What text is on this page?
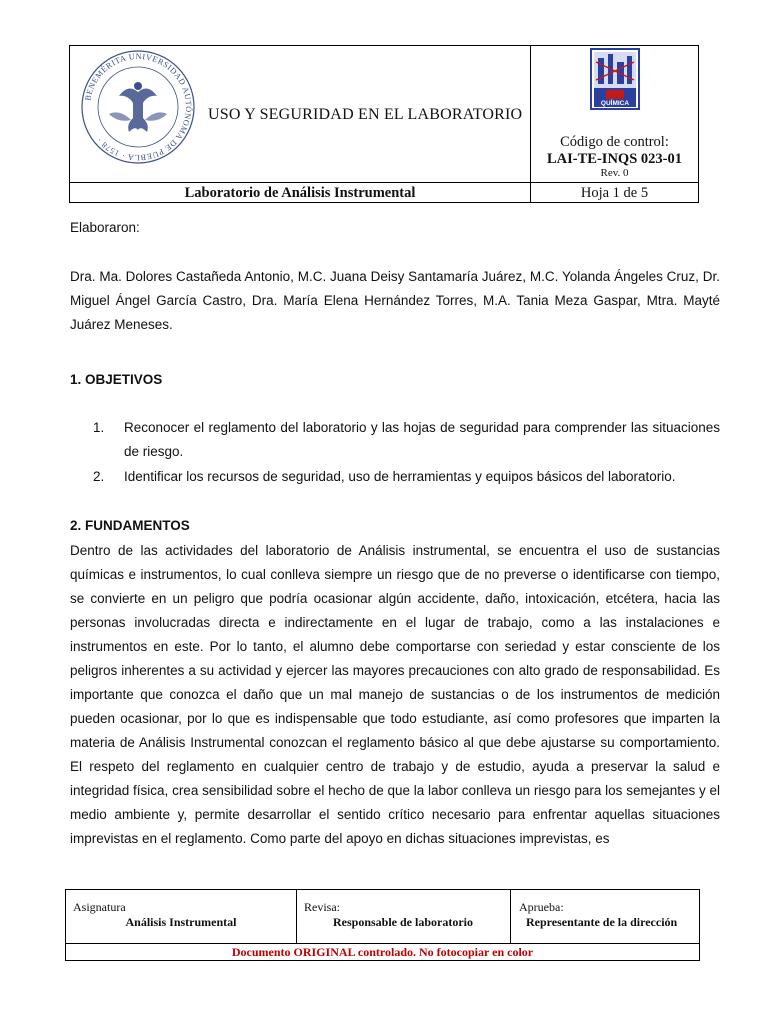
BENEMÉRITA UNIVERSIDAD AUTÓNOMA DE PUEBLA · 1578 ·
USO Y SEGURIDAD EN EL LABORATORIO
QUÍMICA
Código de control:
LAI-TE-INQS 023-01
Rev. 0
Laboratorio de Análisis Instrumental	Hoja 1 de 5
Elaboraron:
Dra. Ma. Dolores Castañeda Antonio, M.C. Juana Deisy Santamaría Juárez, M.C. Yolanda Ángeles Cruz, Dr. Miguel Ángel García Castro, Dra. María Elena Hernández Torres, M.A. Tania Meza Gaspar, Mtra. Mayté Juárez Meneses.
1. OBJETIVOS
1. Reconocer el reglamento del laboratorio y las hojas de seguridad para comprender las situaciones de riesgo.
2. Identificar los recursos de seguridad, uso de herramientas y equipos básicos del laboratorio.
2. FUNDAMENTOS
Dentro de las actividades del laboratorio de Análisis instrumental, se encuentra el uso de sustancias químicas e instrumentos, lo cual conlleva siempre un riesgo que de no preverse o identificarse con tiempo, se convierte en un peligro que podría ocasionar algún accidente, daño, intoxicación, etcétera, hacia las personas involucradas directa e indirectamente en el lugar de trabajo, como a las instalaciones e instrumentos en este. Por lo tanto, el alumno debe comportarse con seriedad y estar consciente de los peligros inherentes a su actividad y ejercer las mayores precauciones con alto grado de responsabilidad. Es importante que conozca el daño que un mal manejo de sustancias o de los instrumentos de medición pueden ocasionar, por lo que es indispensable que todo estudiante, así como profesores que imparten la materia de Análisis Instrumental conozcan el reglamento básico al que debe ajustarse su comportamiento. El respeto del reglamento en cualquier centro de trabajo y de estudio, ayuda a preservar la salud e integridad física, crea sensibilidad sobre el hecho de que la labor conlleva un riesgo para los semejantes y el medio ambiente y, permite desarrollar el sentido crítico necesario para enfrentar aquellas situaciones imprevistas en el reglamento. Como parte del apoyo en dichas situaciones imprevistas, es
Asignatura
Análisis Instrumental
Revisa:
Responsable de laboratorio
Aprueba:
Representante de la dirección
Documento ORIGINAL controlado. No fotocopiar en color
